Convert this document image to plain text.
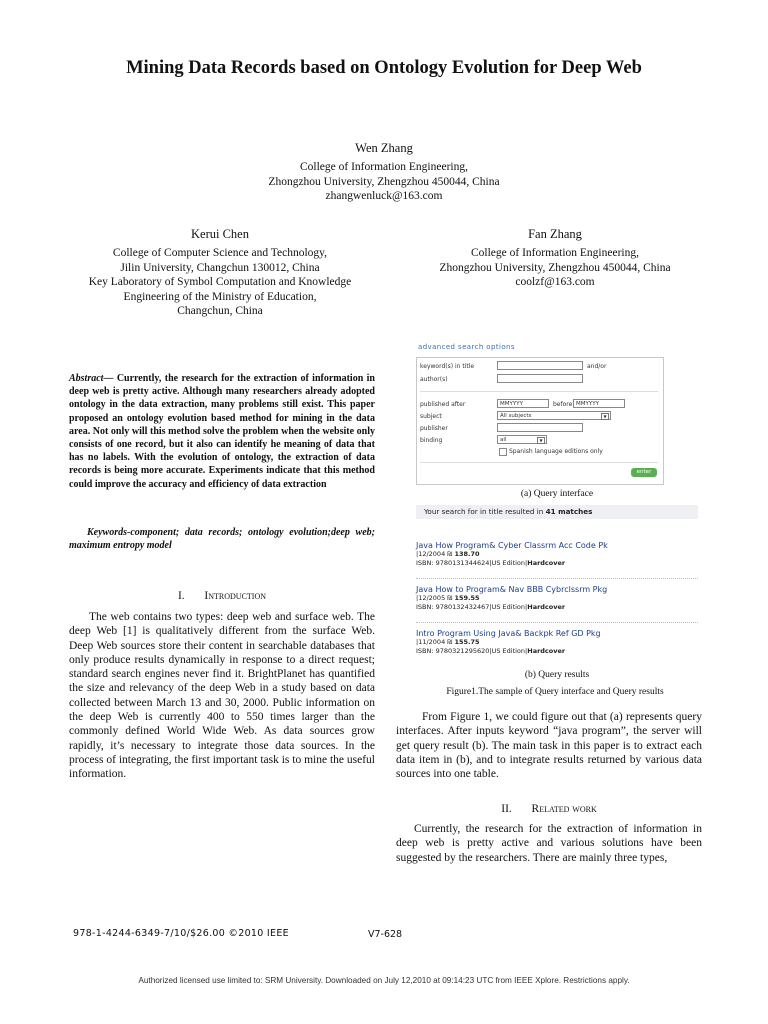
Mining Data Records based on Ontology Evolution for Deep Web
Wen Zhang
College of Information Engineering,
Zhongzhou University, Zhengzhou 450044, China
zhangwenluck@163.com
Kerui Chen
College of Computer Science and Technology,
Jilin University, Changchun 130012, China
Key Laboratory of Symbol Computation and Knowledge
Engineering of the Ministry of Education,
Changchun, China
Fan Zhang
College of Information Engineering,
Zhongzhou University, Zhengzhou 450044, China
coolzf@163.com
Abstract— Currently, the research for the extraction of information in deep web is pretty active. Although many researchers already adopted ontology in the data extraction, many problems still exist. This paper proposed an ontology evolution based method for mining in the data area. Not only will this method solve the problem when the website only consists of one record, but it also can identify he meaning of data that has no labels. With the evolution of ontology, the extraction of data records is being more accurate. Experiments indicate that this method could improve the accuracy and efficiency of data extraction
Keywords-component; data records; ontology evolution;deep web; maximum entropy model
I. Introduction
The web contains two types: deep web and surface web. The deep Web [1] is qualitatively different from the surface Web. Deep Web sources store their content in searchable databases that only produce results dynamically in response to a direct request; standard search engines never find it. BrightPlanet has quantified the size and relevancy of the deep Web in a study based on data collected between March 13 and 30, 2000. Public information on the deep Web is currently 400 to 550 times larger than the commonly defined World Wide Web. As data sources grow rapidly, it’s necessary to integrate those data sources. In the process of integrating, the first important task is to mine the useful information.
advanced search options
keyword(s) in title	and/or
author(s)
published after	MMYYYY	before MMYYYY
subject	All subjects	▼
publisher
binding	all	▼
Spanish language editions only
enter
(a) Query interface
Your search for in title resulted in 41 matches
Java How Program& Cyber Classrm Acc Code Pk
|12/2004 ₪ 138.70
ISBN: 9780131344624|US Edition|Hardcover
Java How to Program& Nav BBB Cybrclssrm Pkg
|12/2005 ₪ 159.55
ISBN: 9780132432467|US Edition|Hardcover
Intro Program Using Java& Backpk Ref GD Pkg
|11/2004 ₪ 155.75
ISBN: 9780321295620|US Edition|Hardcover
(b) Query results
Figure1.The sample of Query interface and Query results
From Figure 1, we could figure out that (a) represents query interfaces. After inputs keyword “java program”, the server will get query result (b). The main task in this paper is to extract each data item in (b), and to integrate results returned by various data sources into one table.
II. Related work
Currently, the research for the extraction of information in deep web is pretty active and various solutions have been suggested by the researchers. There are mainly three types,
978-1-4244-6349-7/10/$26.00 ©2010 IEEE	V7-628
Authorized licensed use limited to: SRM University. Downloaded on July 12,2010 at 09:14:23 UTC from IEEE Xplore. Restrictions apply.
